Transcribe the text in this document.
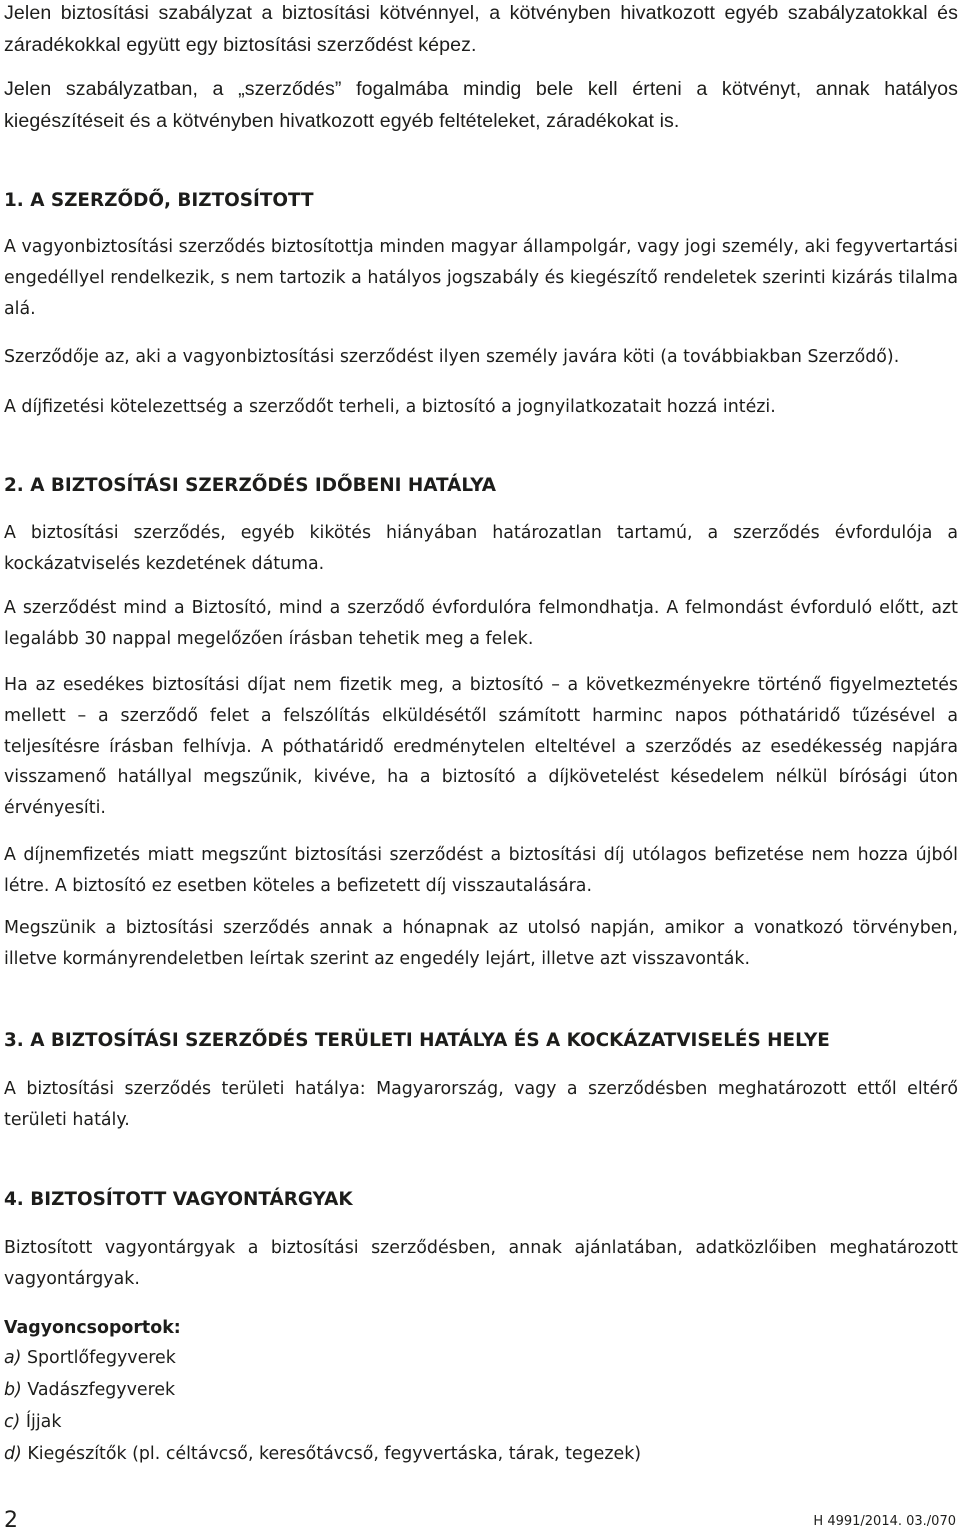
Jelen biztosítási szabályzat a biztosítási kötvénnyel, a kötvényben hivatkozott egyéb szabályzatokkal és záradékokkal együtt egy biztosítási szerződést képez.
Jelen szabályzatban, a „szerződés” fogalmába mindig bele kell érteni a kötvényt, annak hatályos kiegészítéseit és a kötvényben hivatkozott egyéb feltételeket, záradékokat is.
1. A SZERZŐDŐ, BIZTOSÍTOTT
A vagyonbiztosítási szerződés biztosítottja minden magyar állampolgár, vagy jogi személy, aki fegyvertartási engedéllyel rendelkezik, s nem tartozik a hatályos jogszabály és kiegészítő rendeletek szerinti kizárás tilalma alá.
Szerződője az, aki a vagyonbiztosítási szerződést ilyen személy javára köti (a továbbiakban Szerződő).
A díjfizetési kötelezettség a szerződőt terheli, a biztosító a jognyilatkozatait hozzá intézi.
2. A BIZTOSÍTÁSI SZERZŐDÉS IDŐBENI HATÁLYA
A biztosítási szerződés, egyéb kikötés hiányában határozatlan tartamú, a szerződés évfordulója a kockázatviselés kezdetének dátuma.
A szerződést mind a Biztosító, mind a szerződő évfordulóra felmondhatja. A felmondást évforduló előtt, azt legalább 30 nappal megelőzően írásban tehetik meg a felek.
Ha az esedékes biztosítási díjat nem fizetik meg, a biztosító – a következményekre történő figyelmeztetés mellett – a szerződő felet a felszólítás elküldésétől számított harminc napos póthatáridő tűzésével a teljesítésre írásban felhívja. A póthatáridő eredménytelen elteltével a szerződés az esedékesség napjára visszamenő hatállyal megszűnik, kivéve, ha a biztosító a díjkövetelést késedelem nélkül bírósági úton érvényesíti.
A díjnemfizetés miatt megszűnt biztosítási szerződést a biztosítási díj utólagos befizetése nem hozza újból létre. A biztosító ez esetben köteles a befizetett díj visszautalására.
Megszünik a biztosítási szerződés annak a hónapnak az utolsó napján, amikor a vonatkozó törvényben, illetve kormányrendeletben leírtak szerint az engedély lejárt, illetve azt visszavonták.
3. A BIZTOSÍTÁSI SZERZŐDÉS TERÜLETI HATÁLYA ÉS A KOCKÁZATVISELÉS HELYE
A biztosítási szerződés területi hatálya: Magyarország, vagy a szerződésben meghatározott ettől eltérő területi hatály.
4. BIZTOSÍTOTT VAGYONTÁRGYAK
Biztosított vagyontárgyak a biztosítási szerződésben, annak ajánlatában, adatközlőiben meghatározott vagyontárgyak.
Vagyoncsoportok:
a) Sportlőfegyverek
b) Vadászfegyverek
c) Íjjak
d) Kiegészítők (pl. céltávcső, keresőtávcső, fegyvertáska, tárak, tegezek)
2	H 4991/2014. 03./070
